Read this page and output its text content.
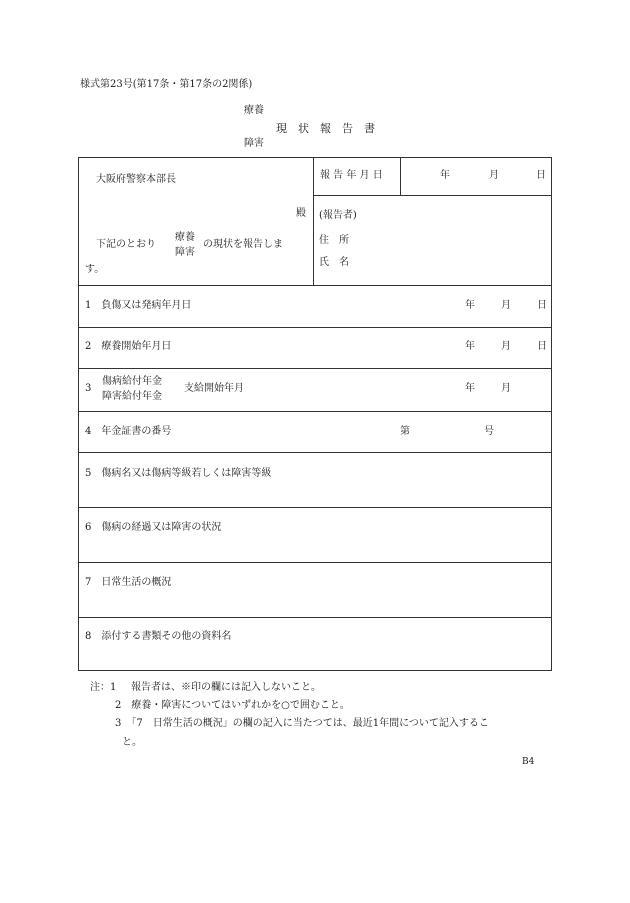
様式第23号(第17条・第17条の2関係)
療養
障害
現　状　報　告　書
大阪府警察本部長
殿
下記のとおり
療養
障害
の現状を報告しま
す。
報 告 年 月 日	年	月	日
(報告者)
住　所
氏　名
1　負傷又は発病年月日	年	月	日
2　療養開始年月日	年	月	日
3
傷病給付年金
障害給付年金
支給開始年月	年	月
4　年金証書の番号	第	号
5　傷病名又は傷病等級若しくは障害等級
6　傷病の経過又は障害の状況
7　日常生活の概況
8　添付する書類その他の資料名
注：1 報告者は、※印の欄には記入しないこと。
2　療養・障害についてはいずれかを○で囲むこと。
3　「7　日常生活の概況」の欄の記入に当たつては、最近1年間について記入するこ
と。
B4
